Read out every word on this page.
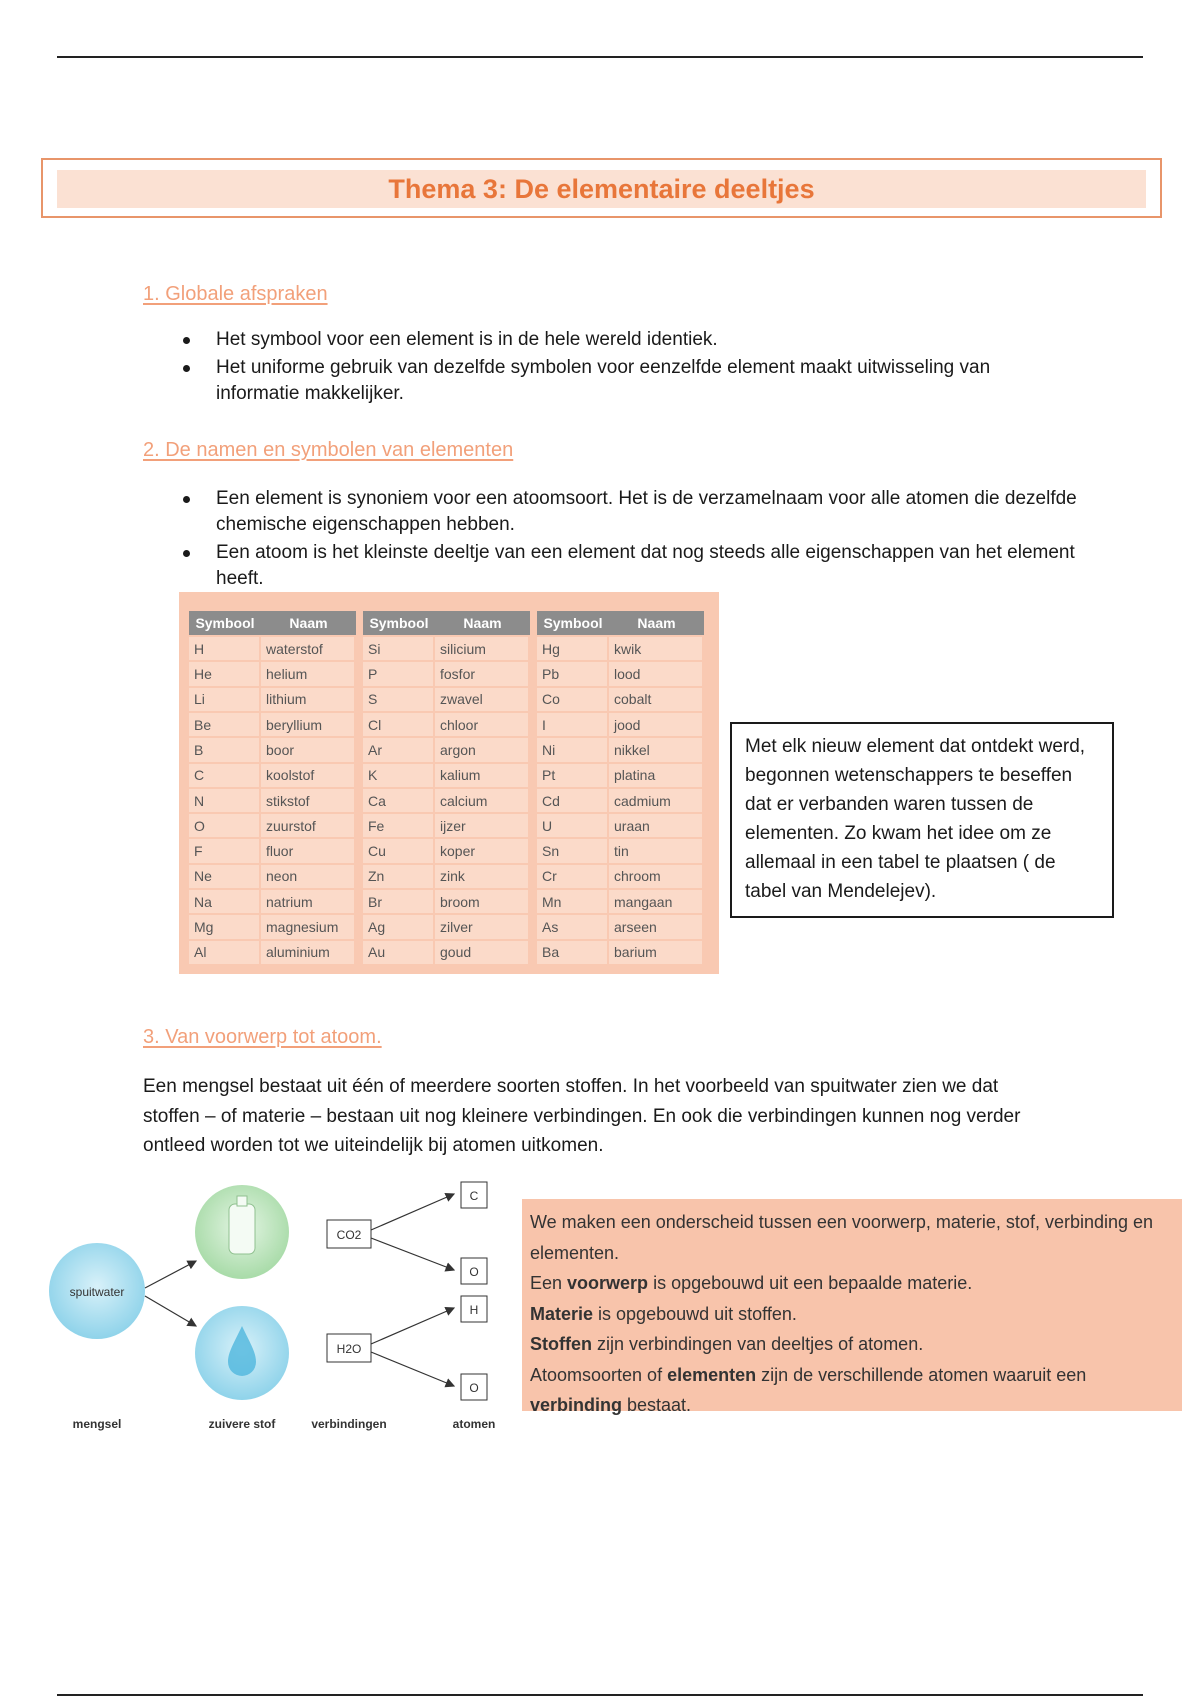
Thema 3: De elementaire deeltjes
1. Globale afspraken
Het symbool voor een element is in de hele wereld identiek.
Het uniforme gebruik van dezelfde symbolen voor eenzelfde element maakt uitwisseling van informatie makkelijker.
2. De namen en symbolen van elementen
Een element is synoniem voor een atoomsoort. Het is de verzamelnaam voor alle atomen die dezelfde chemische eigenschappen hebben.
Een atoom is het kleinste deeltje van een element dat nog steeds alle eigenschappen van het element heeft.
Symbool	Naam
H	waterstof
He	helium
Li	lithium
Be	beryllium
B	boor
C	koolstof
N	stikstof
O	zuurstof
F	fluor
Ne	neon
Na	natrium
Mg	magnesium
Al	aluminium
Symbool	Naam
Si	silicium
P	fosfor
S	zwavel
Cl	chloor
Ar	argon
K	kalium
Ca	calcium
Fe	ijzer
Cu	koper
Zn	zink
Br	broom
Ag	zilver
Au	goud
Symbool	Naam
Hg	kwik
Pb	lood
Co	cobalt
I	jood
Ni	nikkel
Pt	platina
Cd	cadmium
U	uraan
Sn	tin
Cr	chroom
Mn	mangaan
As	arseen
Ba	barium
Met elk nieuw element dat ontdekt werd, begonnen wetenschappers te beseffen dat er verbanden waren tussen de elementen. Zo kwam het idee om ze allemaal in een tabel te plaatsen ( de tabel van Mendelejev).
3. Van voorwerp tot atoom.
Een mengsel bestaat uit één of meerdere soorten stoffen. In het voorbeeld van spuitwater zien we dat stoffen – of materie – bestaan uit nog kleinere verbindingen. En ook die verbindingen kunnen nog verder ontleed worden tot we uiteindelijk bij atomen uitkomen.
spuitwater
CO2
H2O
C
O
H
O
mengsel	zuivere stof	verbindingen	atomen

We maken een onderscheid tussen een voorwerp, materie, stof, verbinding en elementen.

Een voorwerp is opgebouwd uit een bepaalde materie.

Materie is opgebouwd uit stoffen.

Stoffen zijn verbindingen van deeltjes of atomen.

Atoomsoorten of elementen zijn de verschillende atomen waaruit een verbinding bestaat.
